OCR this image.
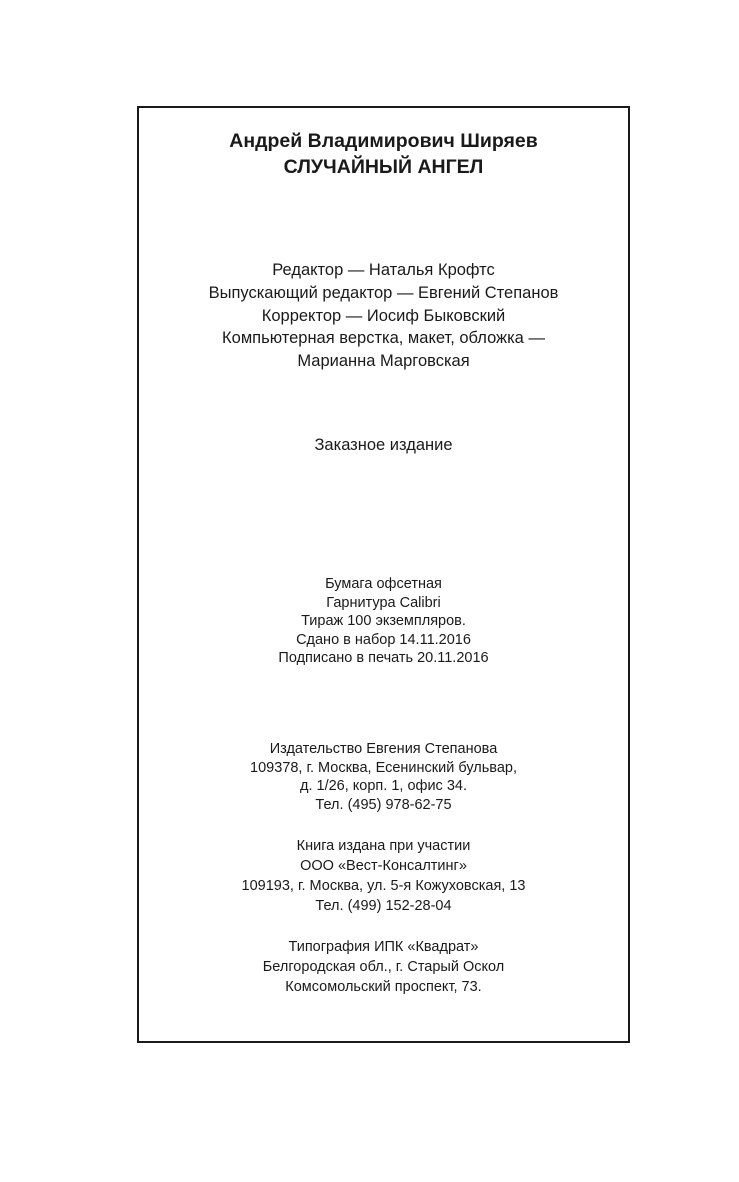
Андрей Владимирович Ширяев
СЛУЧАЙНЫЙ АНГЕЛ
Редактор — Наталья Крофтс
Выпускающий редактор — Евгений Степанов
Корректор — Иосиф Быковский
Компьютерная верстка, макет, обложка —
Марианна Марговская
Заказное издание
Бумага офсетная
Гарнитура Calibri
Тираж 100 экземпляров.
Сдано в набор 14.11.2016
Подписано в печать 20.11.2016
Издательство Евгения Степанова
109378, г. Москва, Есенинский бульвар,
д. 1/26, корп. 1, офис 34.
Тел. (495) 978-62-75
Книга издана при участии
ООО «Вест-Консалтинг»
109193, г. Москва, ул. 5-я Кожуховская, 13
Тел. (499) 152-28-04
Типография ИПК «Квадрат»
Белгородская обл., г. Старый Оскол
Комсомольский проспект, 73.
